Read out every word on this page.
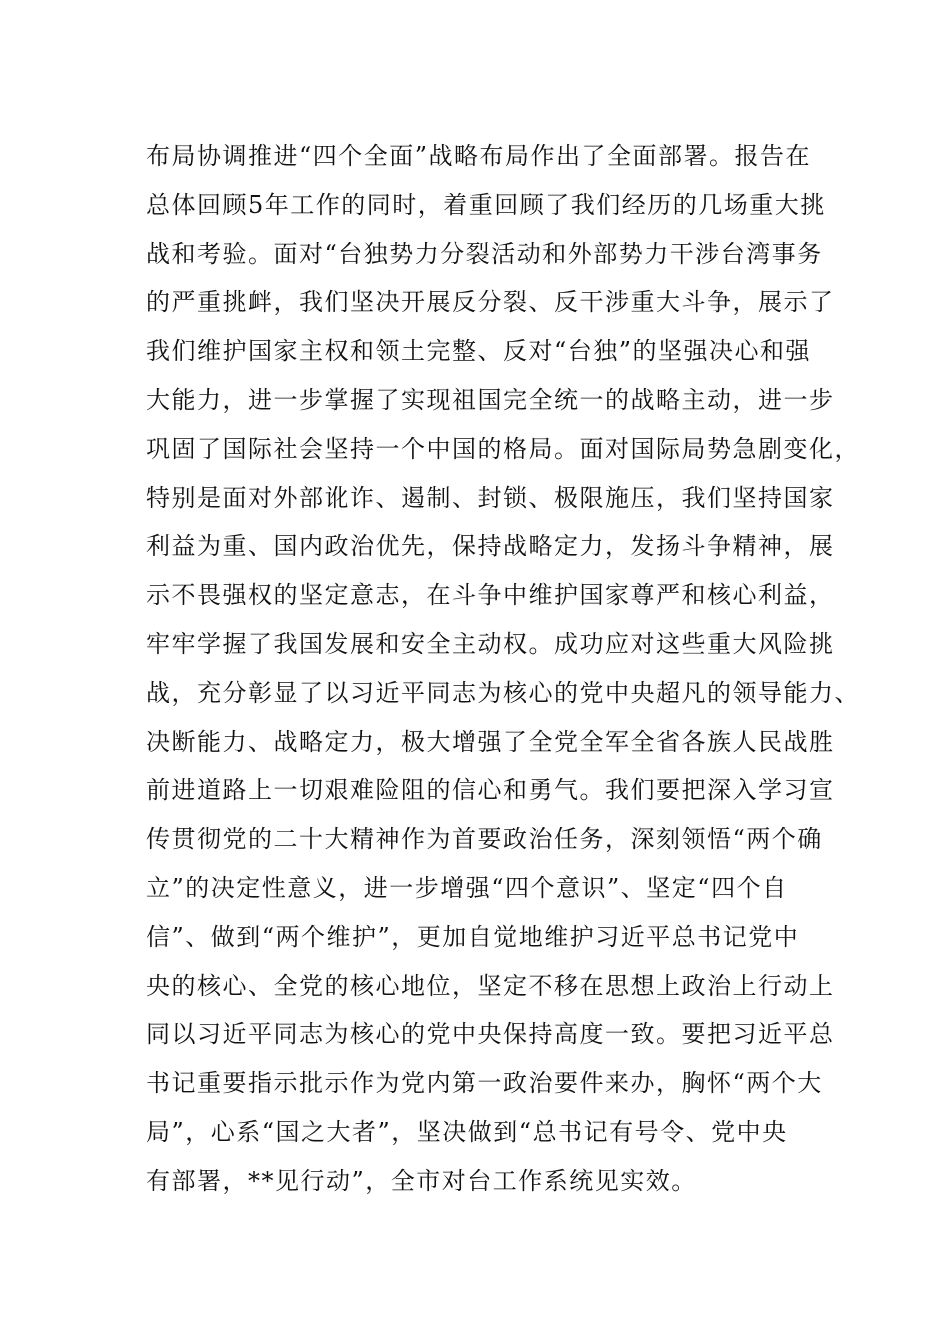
布局协调推进“四个全面”战略布局作出了全面部署。报告在
总体回顾5年工作的同时，着重回顾了我们经历的几场重大挑
战和考验。面对“台独势力分裂活动和外部势力干涉台湾事务
的严重挑衅，我们坚决开展反分裂、反干涉重大斗争，展示了
我们维护国家主权和领土完整、反对“台独”的坚强决心和强
大能力，进一步掌握了实现祖国完全统一的战略主动，进一步
巩固了国际社会坚持一个中国的格局。面对国际局势急剧变化，
特别是面对外部讹诈、遏制、封锁、极限施压，我们坚持国家
利益为重、国内政治优先，保持战略定力，发扬斗争精神，展
示不畏强权的坚定意志，在斗争中维护国家尊严和核心利益，
牢牢学握了我国发展和安全主动权。成功应对这些重大风险挑
战，充分彰显了以习近平同志为核心的党中央超凡的领导能力、
决断能力、战略定力，极大增强了全党全军全省各族人民战胜
前进道路上一切艰难险阻的信心和勇气。我们要把深入学习宣
传贯彻党的二十大精神作为首要政治任务，深刻领悟“两个确
立”的决定性意义，进一步增强“四个意识”、坚定“四个自
信”、做到“两个维护”，更加自觉地维护习近平总书记党中
央的核心、全党的核心地位，坚定不移在思想上政治上行动上
同以习近平同志为核心的党中央保持高度一致。要把习近平总
书记重要指示批示作为党内第一政治要件来办，胸怀“两个大
局”，心系“国之大者”，坚决做到“总书记有号令、党中央
有部署，**见行动”，全市对台工作系统见实效。
